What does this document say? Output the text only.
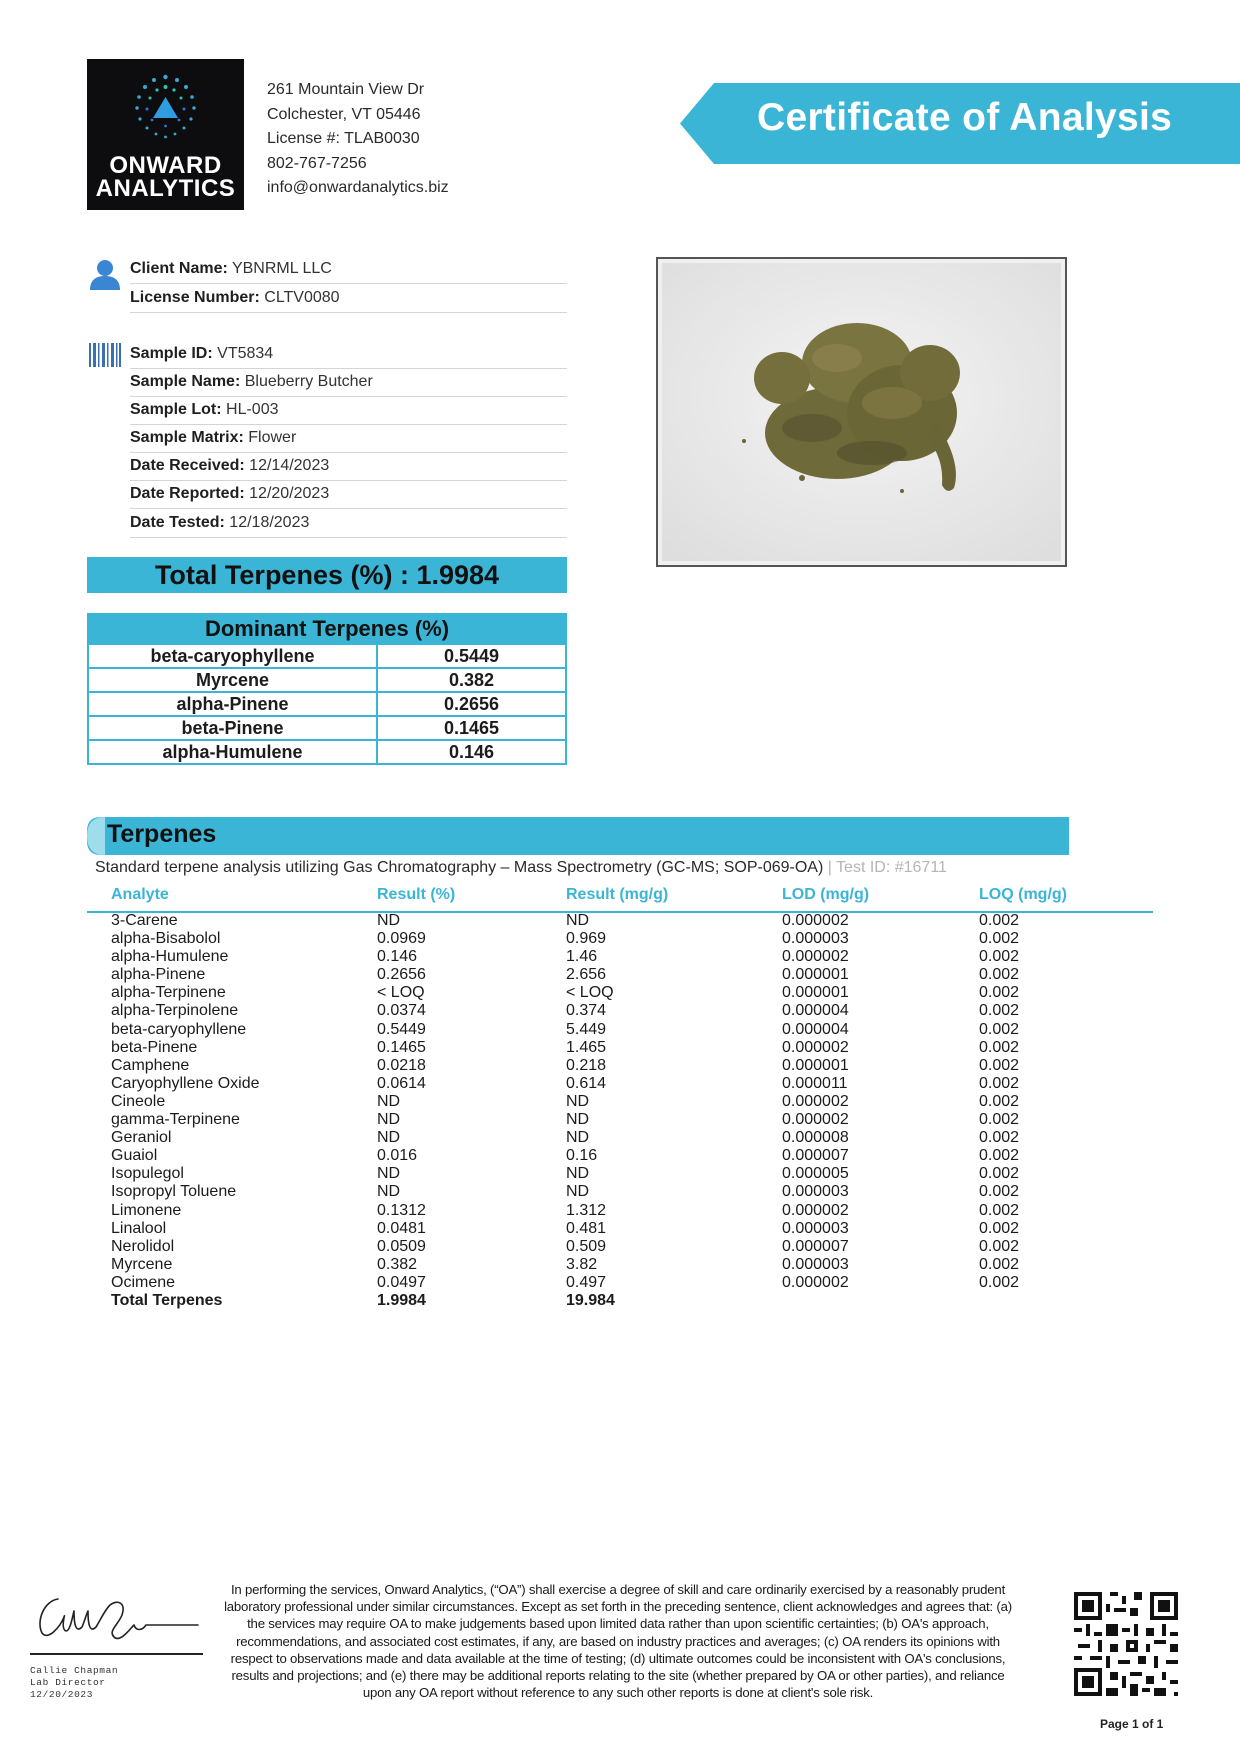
ONWARD
ANALYTICS
261 Mountain View Dr
Colchester, VT 05446
License #: TLAB0030
802-767-7256
info@onwardanalytics.biz
Certificate of Analysis
Client Name: YBNRML LLC
License Number: CLTV0080
Sample ID: VT5834
Sample Name: Blueberry Butcher
Sample Lot: HL-003
Sample Matrix: Flower
Date Received: 12/14/2023
Date Reported: 12/20/2023
Date Tested: 12/18/2023
Total Terpenes (%) : 1.9984
Dominant Terpenes (%)	
beta-caryophyllene	0.5449
Myrcene	0.382
alpha-Pinene	0.2656
beta-Pinene	0.1465
alpha-Humulene	0.146
Terpenes
Standard terpene analysis utilizing Gas Chromatography – Mass Spectrometry (GC-MS; SOP-069-OA) | Test ID: #16711
Analyte	Result (%)	Result (mg/g)	LOD (mg/g)	LOQ (mg/g)
3-Carene	ND	ND	0.000002	0.002
alpha-Bisabolol	0.0969	0.969	0.000003	0.002
alpha-Humulene	0.146	1.46	0.000002	0.002
alpha-Pinene	0.2656	2.656	0.000001	0.002
alpha-Terpinene	< LOQ	< LOQ	0.000001	0.002
alpha-Terpinolene	0.0374	0.374	0.000004	0.002
beta-caryophyllene	0.5449	5.449	0.000004	0.002
beta-Pinene	0.1465	1.465	0.000002	0.002
Camphene	0.0218	0.218	0.000001	0.002
Caryophyllene Oxide	0.0614	0.614	0.000011	0.002
Cineole	ND	ND	0.000002	0.002
gamma-Terpinene	ND	ND	0.000002	0.002
Geraniol	ND	ND	0.000008	0.002
Guaiol	0.016	0.16	0.000007	0.002
Isopulegol	ND	ND	0.000005	0.002
Isopropyl Toluene	ND	ND	0.000003	0.002
Limonene	0.1312	1.312	0.000002	0.002
Linalool	0.0481	0.481	0.000003	0.002
Nerolidol	0.0509	0.509	0.000007	0.002
Myrcene	0.382	3.82	0.000003	0.002
Ocimene	0.0497	0.497	0.000002	0.002
Total Terpenes	1.9984	19.984
Callie Chapman
Lab Director
12/20/2023
In performing the services, Onward Analytics, (“OA”) shall exercise a degree of skill and care ordinarily exercised by a reasonably prudent laboratory professional under similar circumstances. Except as set forth in the preceding sentence, client acknowledges and agrees that: (a) the services may require OA to make judgements based upon limited data rather than upon scientific certainties; (b) OA's approach, recommendations, and associated cost estimates, if any, are based on industry practices and averages; (c) OA renders its opinions with respect to observations made and data available at the time of testing; (d) ultimate outcomes could be inconsistent with OA's conclusions, results and projections; and (e) there may be additional reports relating to the site (whether prepared by OA or other parties), and reliance upon any OA report without reference to any such other reports is done at client's sole risk.
Page 1 of 1
